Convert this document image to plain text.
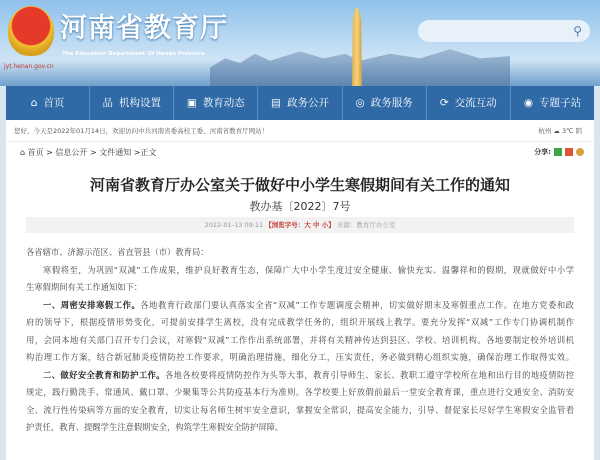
jyt.henan.gov.cn
河南省教育厅
The Education Department Of Henan Province
⚲
⌂ 首页	品 机构设置 ▣ 教育动态 ▤ 政务公开	◎ 政务服务	⟳ 交流互动	◉ 专题子站
您好，今天是2022年01月14日，欢迎访问中共河南省委高校工委、河南省教育厅网站！	杭州 ☁ 3℃ 阴
⌂ 首页 > 信息公开 > 文件通知 >正文	分享:
河南省教育厅办公室关于做好中小学生寒假期间有关工作的通知
教办基〔2022〕7号
2022-01-13 09:11 【浏览字号：大 中 小】 来源：教育厅办公室
各省辖市、济源示范区、省直管县（市）教育局：
寒假将至，为巩固“双减”工作成果，维护良好教育生态，保障广大中小学生度过安全健康、愉快充实、温馨祥和的假期，现就做好中小学
生寒假期间有关工作通知如下：
一、周密安排寒假工作。各地教育行政部门要认真落实全省“双减”工作专题调度会精神，切实做好期末及寒假重点工作。在地方党委和政
府的领导下，根据疫情形势变化，可提前安排学生离校，没有完成教学任务的，组织开展线上教学。要充分发挥“双减”工作专门协调机制作
用，会同本地有关部门召开专门会议，对寒假“双减”工作作出系统部署，并将有关精神传达到县区、学校、培训机构。各地要制定校外培训机
构治理工作方案，结合新冠肺炎疫情防控工作要求，明确治理措施，细化分工，压实责任，务必做到精心组织实施，确保治理工作取得实效。
二、做好安全教育和防护工作。各地各校要将疫情防控作为头等大事，教育引导师生、家长、教职工遵守学校所在地和出行目的地疫情防控
规定，践行勤洗手、常通风、戴口罩、少聚集等公共防疫基本行为准则。各学校要上好放假前最后一堂安全教育课，重点进行交通安全、消防安
全、流行性传染病等方面的安全教育，切实让每名师生树牢安全意识，掌握安全常识，提高安全能力，引导、督促家长尽好学生寒假安全监管看
护责任，教育、提醒学生注意假期安全，构筑学生寒假安全防护屏障。
